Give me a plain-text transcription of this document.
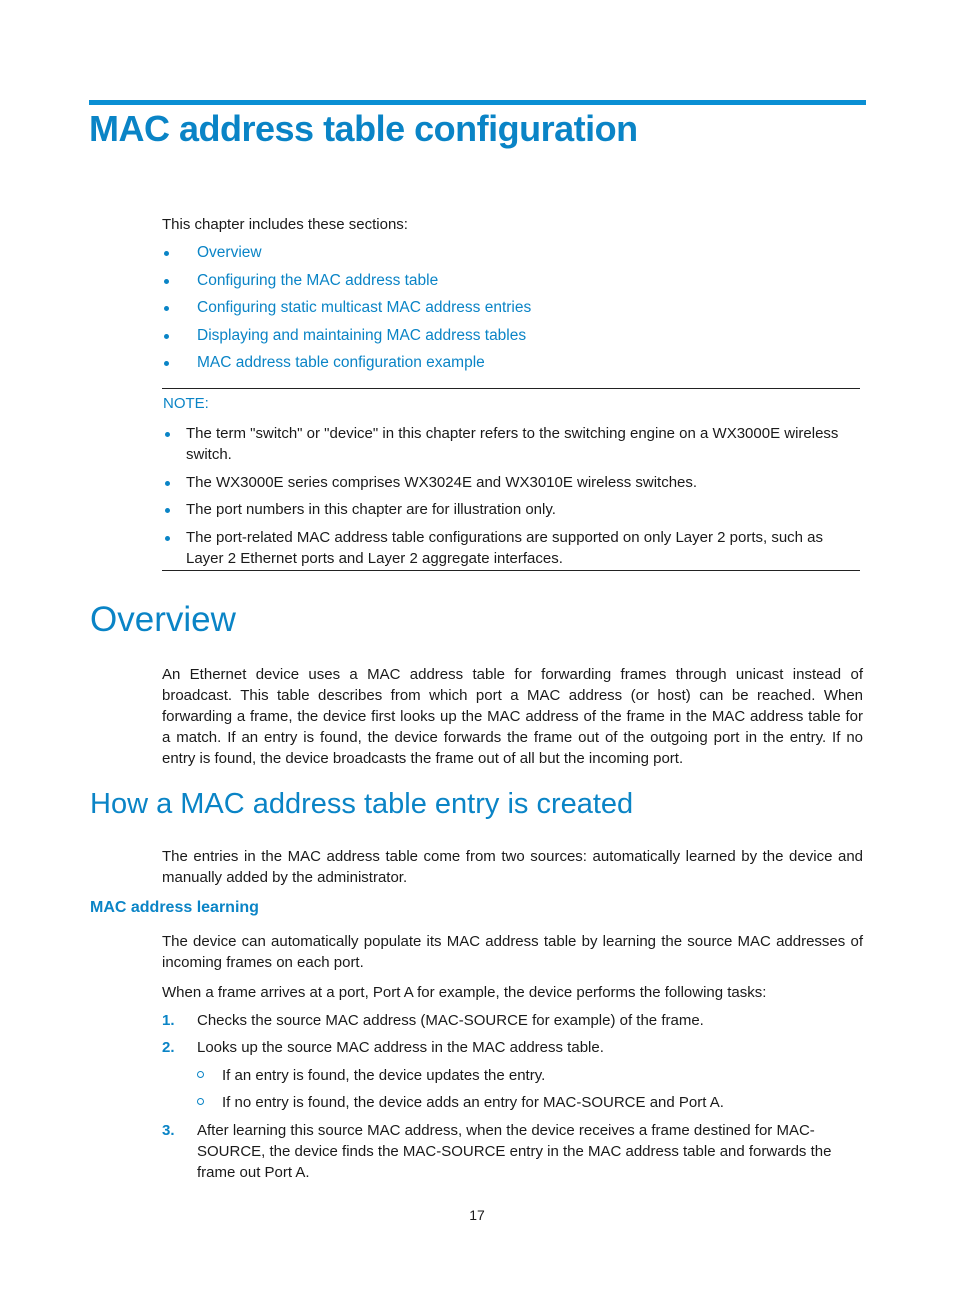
MAC address table configuration

This chapter includes these sections:

Overview
Configuring the MAC address table
Configuring static multicast MAC address entries
Displaying and maintaining MAC address tables
MAC address table configuration example
NOTE:
The term "switch" or "device" in this chapter refers to the switching engine on a WX3000E wireless switch.
The WX3000E series comprises WX3024E and WX3010E wireless switches.
The port numbers in this chapter are for illustration only.
The port-related MAC address table configurations are supported on only Layer 2 ports, such as Layer 2 Ethernet ports and Layer 2 aggregate interfaces.
Overview

An Ethernet device uses a MAC address table for forwarding frames through unicast instead of broadcast. This table describes from which port a MAC address (or host) can be reached. When forwarding a frame, the device first looks up the MAC address of the frame in the MAC address table for a match. If an entry is found, the device forwards the frame out of the outgoing port in the entry. If no entry is found, the device broadcasts the frame out of all but the incoming port.

How a MAC address table entry is created

The entries in the MAC address table come from two sources: automatically learned by the device and manually added by the administrator.

MAC address learning

The device can automatically populate its MAC address table by learning the source MAC addresses of incoming frames on each port.

When a frame arrives at a port, Port A for example, the device performs the following tasks:

1. Checks the source MAC address (MAC-SOURCE for example) of the frame.
2. Looks up the source MAC address in the MAC address table.
If an entry is found, the device updates the entry.
If no entry is found, the device adds an entry for MAC-SOURCE and Port A.
3. After learning this source MAC address, when the device receives a frame destined for MAC-SOURCE, the device finds the MAC-SOURCE entry in the MAC address table and forwards the frame out Port A.
17
